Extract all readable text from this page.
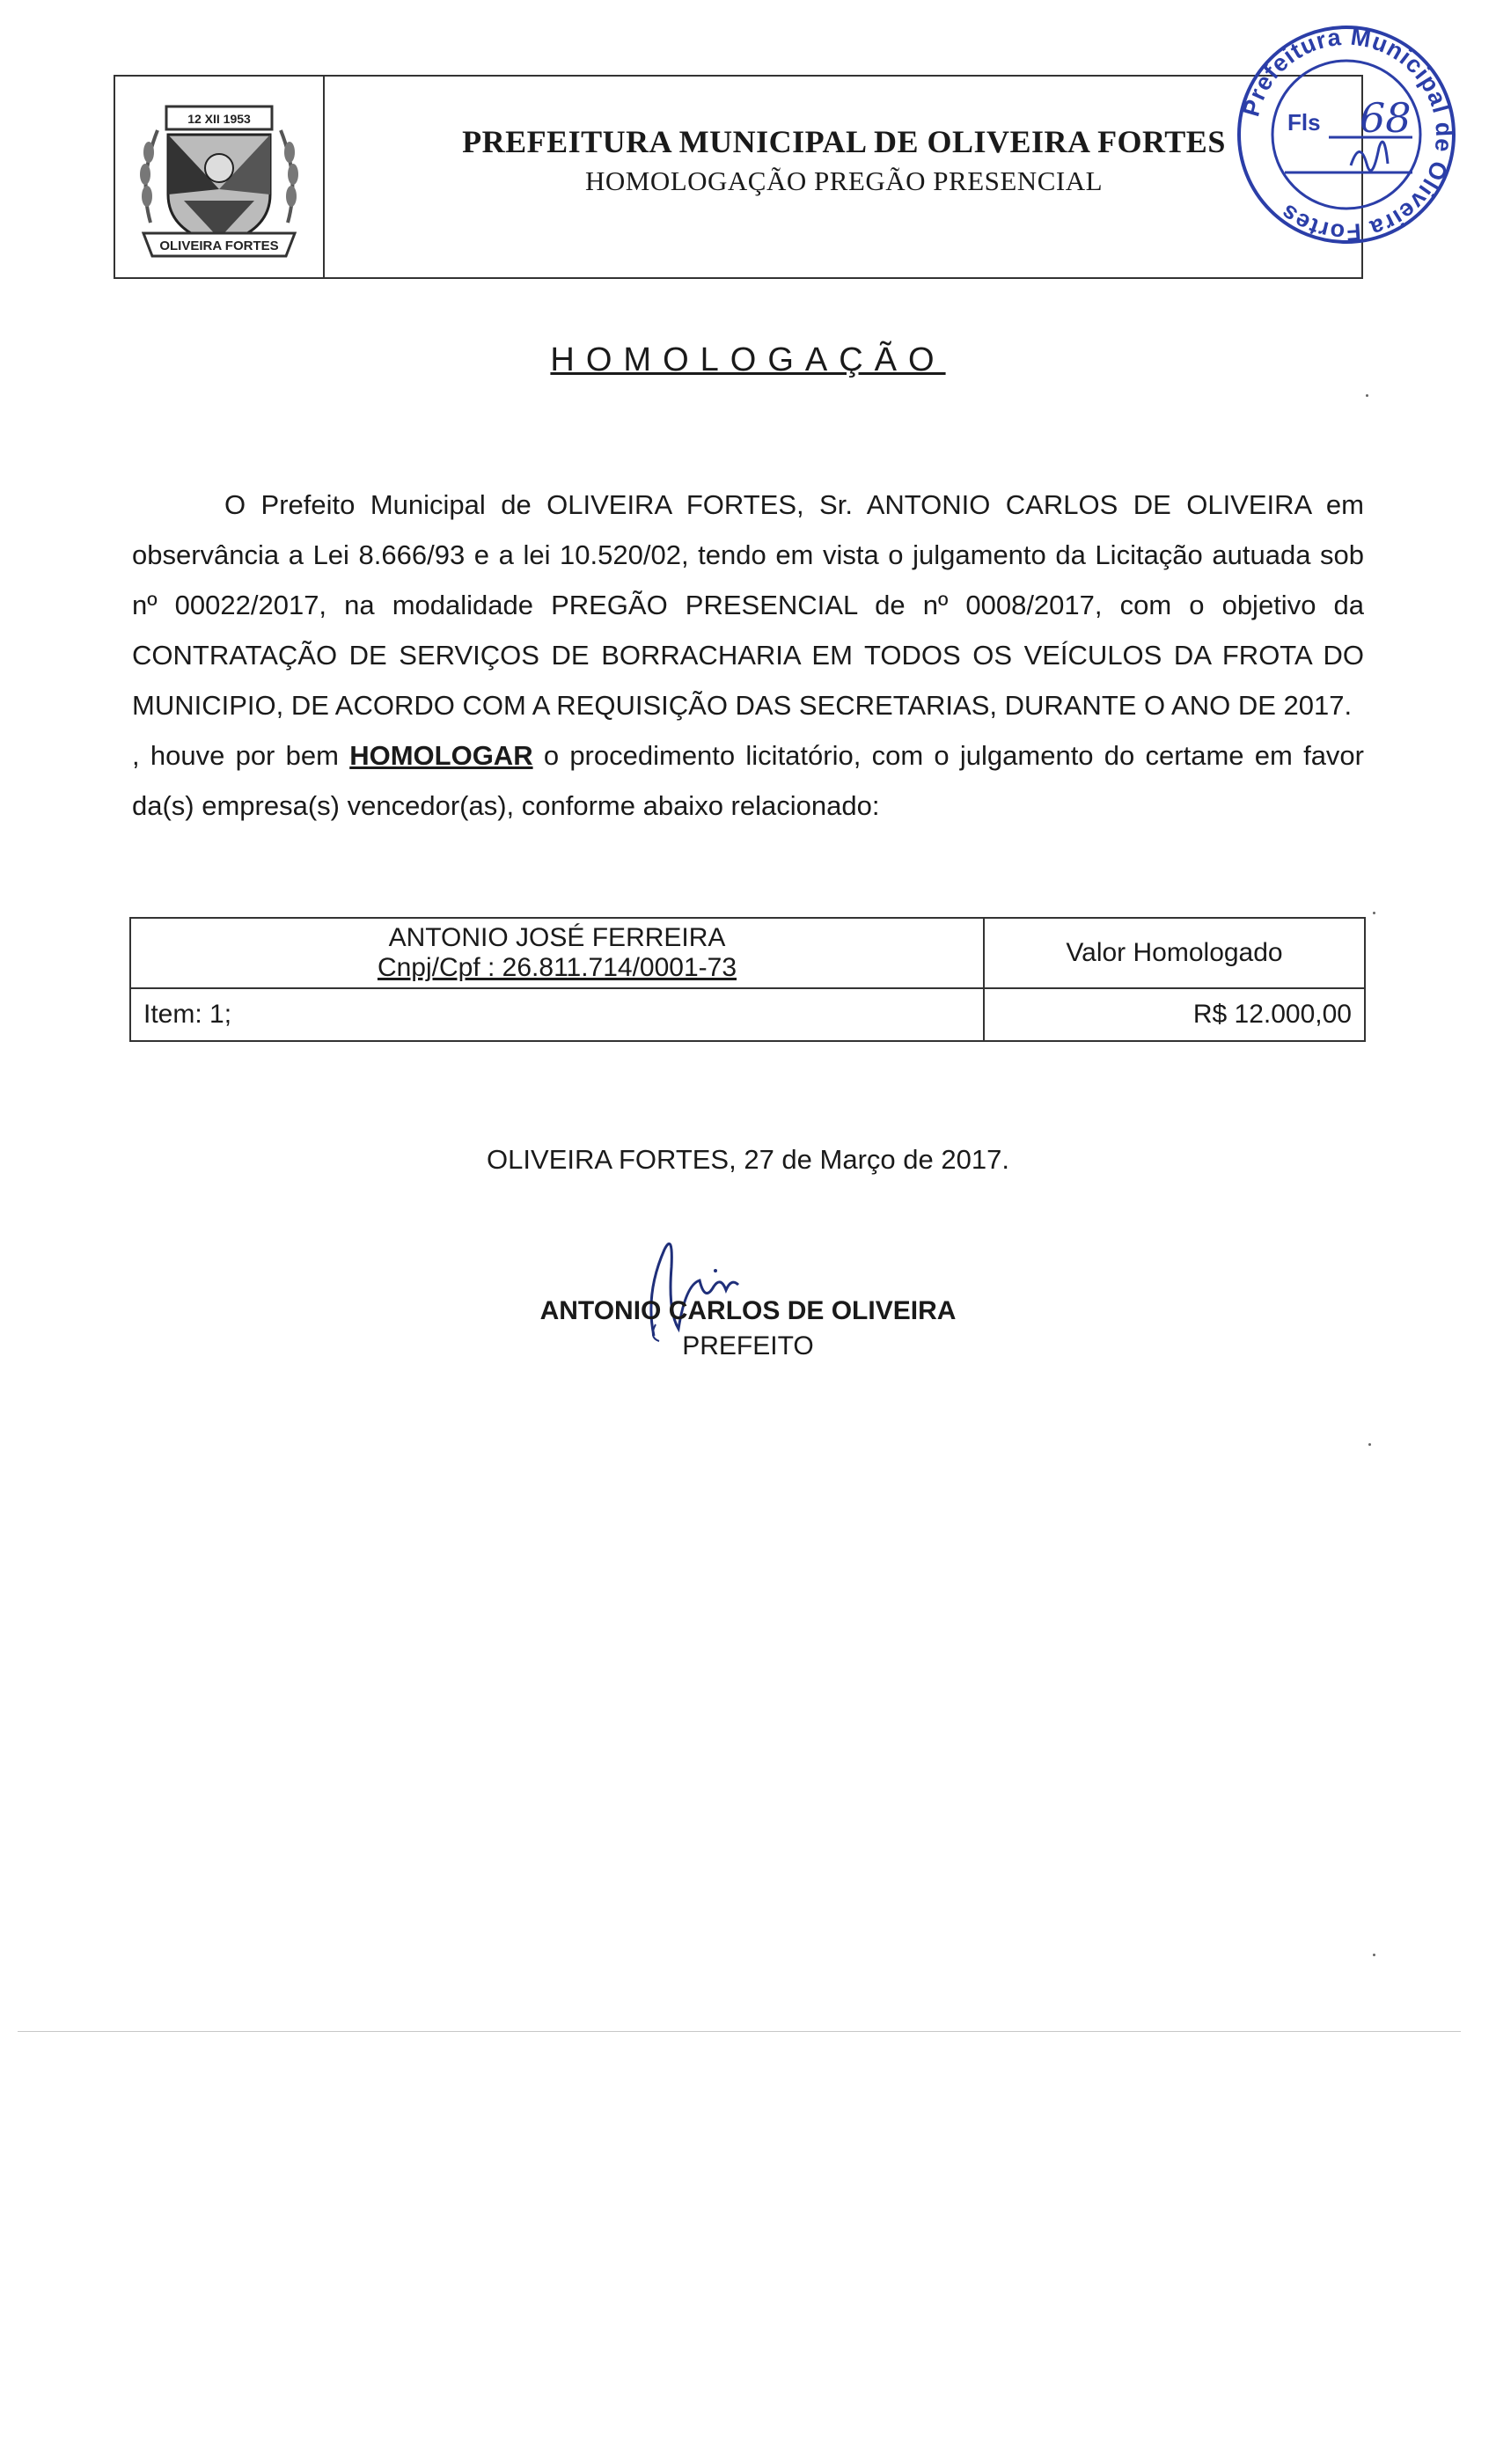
12 XII 1953
OLIVEIRA FORTES
PREFEITURA MUNICIPAL DE OLIVEIRA FORTES
HOMOLOGAÇÃO PREGÃO PRESENCIAL
Prefeitura Municipal de Oliveira Fortes
Fls 68
HOMOLOGAÇÃO

O Prefeito Municipal de OLIVEIRA FORTES, Sr. ANTONIO CARLOS DE OLIVEIRA em observância a Lei 8.666/93 e a lei 10.520/02, tendo em vista o julgamento da Licitação autuada sob nº 00022/2017, na modalidade PREGÃO PRESENCIAL de nº 0008/2017, com o objetivo da CONTRATAÇÃO DE SERVIÇOS DE BORRACHARIA EM TODOS OS VEÍCULOS DA FROTA DO MUNICIPIO, DE ACORDO COM A REQUISIÇÃO DAS SECRETARIAS, DURANTE O ANO DE 2017.

, houve por bem HOMOLOGAR o procedimento licitatório, com o julgamento do certame em favor da(s) empresa(s) vencedor(as), conforme abaixo relacionado:

ANTONIO JOSÉ FERREIRA
Cnpj/Cpf : 26.811.714/0001-73	Valor Homologado
Item: 1;	R$ 12.000,00
OLIVEIRA FORTES, 27 de Março de 2017.
ANTONIO CARLOS DE OLIVEIRA
PREFEITO
